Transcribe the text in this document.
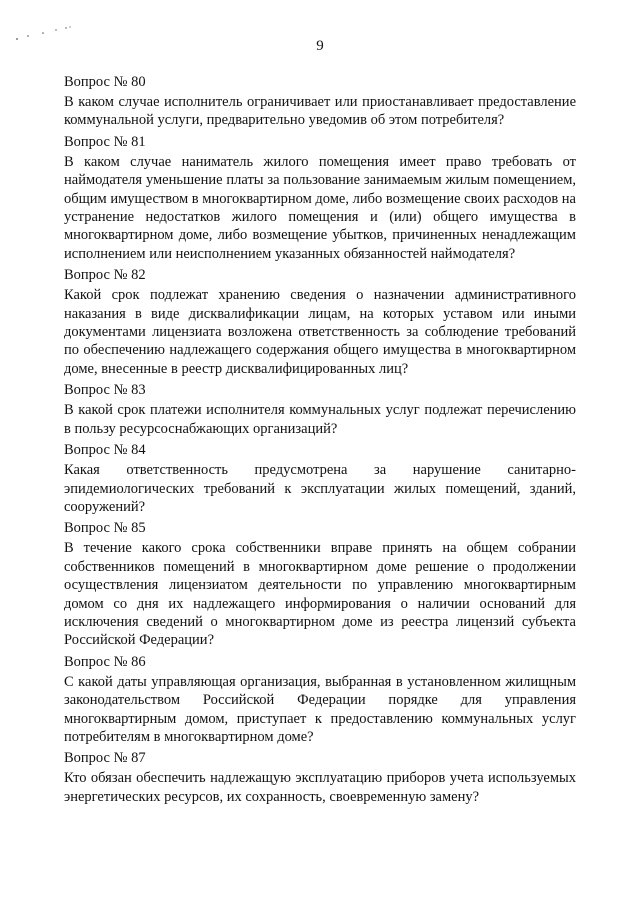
9
Вопрос № 80
В каком случае исполнитель ограничивает или приостанавливает предоставление коммунальной услуги, предварительно уведомив об этом потребителя?
Вопрос № 81
В каком случае наниматель жилого помещения имеет право требовать от наймодателя уменьшение платы за пользование занимаемым жилым помещением, общим имуществом в многоквартирном доме, либо возмещение своих расходов на устранение недостатков жилого помещения и (или) общего имущества в многоквартирном доме, либо возмещение убытков, причиненных ненадлежащим исполнением или неисполнением указанных обязанностей наймодателя?
Вопрос № 82
Какой срок подлежат хранению сведения о назначении административного наказания в виде дисквалификации лицам, на которых уставом или иными документами лицензиата возложена ответственность за соблюдение требований по обеспечению надлежащего содержания общего имущества в многоквартирном доме, внесенные в реестр дисквалифицированных лиц?
Вопрос № 83
В какой срок платежи исполнителя коммунальных услуг подлежат перечислению в пользу ресурсоснабжающих организаций?
Вопрос № 84
Какая ответственность предусмотрена за нарушение санитарно-эпидемиологических требований к эксплуатации жилых помещений, зданий, сооружений?
Вопрос № 85
В течение какого срока собственники вправе принять на общем собрании собственников помещений в многоквартирном доме решение о продолжении осуществления лицензиатом деятельности по управлению многоквартирным домом со дня их надлежащего информирования о наличии оснований для исключения сведений о многоквартирном доме из реестра лицензий субъекта Российской Федерации?
Вопрос № 86
С какой даты управляющая организация, выбранная в установленном жилищным законодательством Российской Федерации порядке для управления многоквартирным домом, приступает к предоставлению коммунальных услуг потребителям в многоквартирном доме?
Вопрос № 87
Кто обязан обеспечить надлежащую эксплуатацию приборов учета используемых энергетических ресурсов, их сохранность, своевременную замену?
